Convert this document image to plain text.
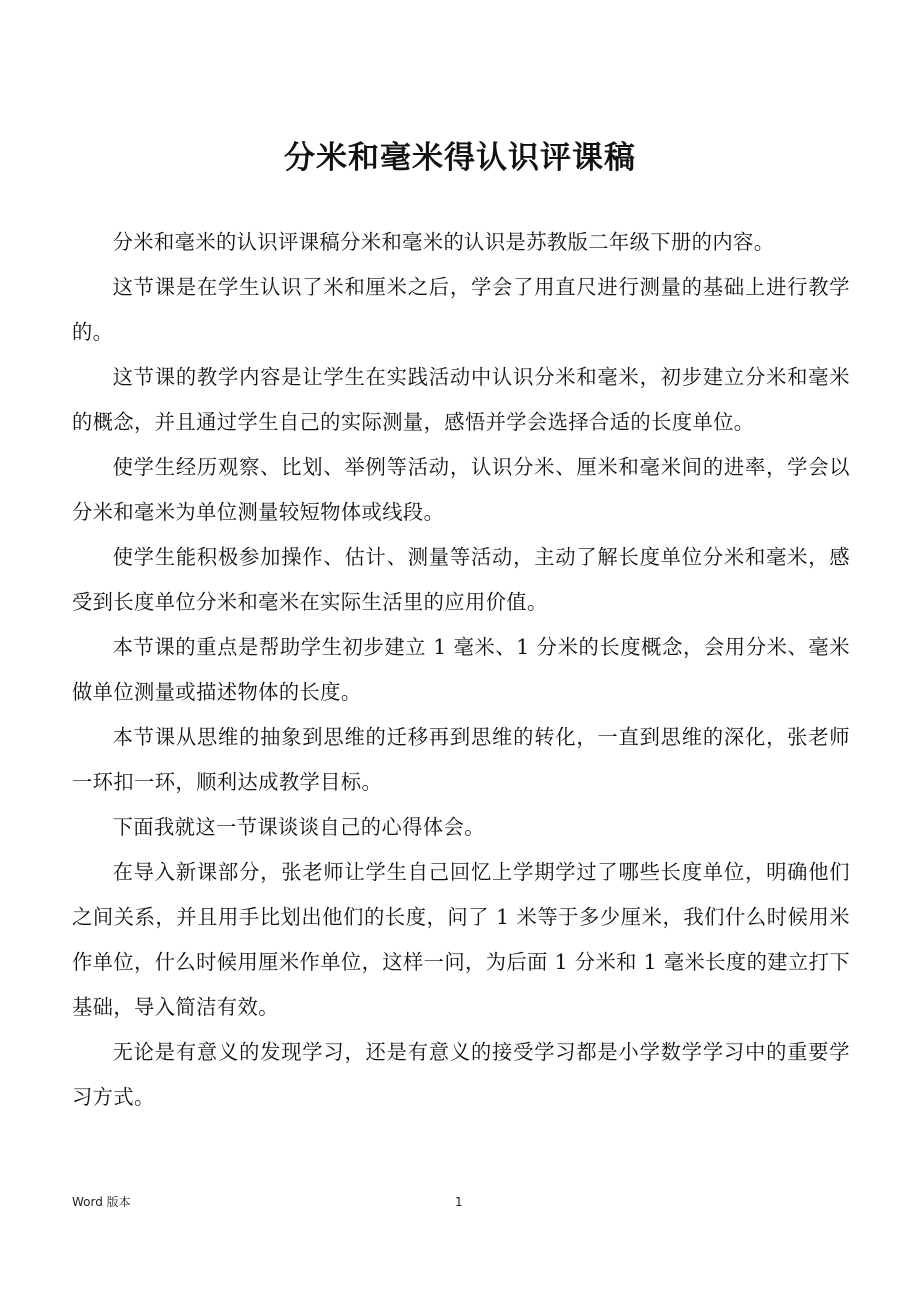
分米和毫米得认识评课稿

分米和毫米的认识评课稿分米和毫米的认识是苏教版二年级下册的内容。

这节课是在学生认识了米和厘米之后，学会了用直尺进行测量的基础上进行教学的。

这节课的教学内容是让学生在实践活动中认识分米和毫米，初步建立分米和毫米的概念，并且通过学生自己的实际测量，感悟并学会选择合适的长度单位。

使学生经历观察、比划、举例等活动，认识分米、厘米和毫米间的进率，学会以分米和毫米为单位测量较短物体或线段。

使学生能积极参加操作、估计、测量等活动，主动了解长度单位分米和毫米，感受到长度单位分米和毫米在实际生活里的应用价值。

本节课的重点是帮助学生初步建立 1 毫米、1 分米的长度概念，会用分米、毫米做单位测量或描述物体的长度。

本节课从思维的抽象到思维的迁移再到思维的转化，一直到思维的深化，张老师一环扣一环，顺利达成教学目标。

下面我就这一节课谈谈自己的心得体会。

在导入新课部分，张老师让学生自己回忆上学期学过了哪些长度单位，明确他们之间关系，并且用手比划出他们的长度，问了 1 米等于多少厘米，我们什么时候用米作单位，什么时候用厘米作单位，这样一问，为后面 1 分米和 1 毫米长度的建立打下基础，导入简洁有效。

无论是有意义的发现学习，还是有意义的接受学习都是小学数学学习中的重要学习方式。

Word 版本	1
